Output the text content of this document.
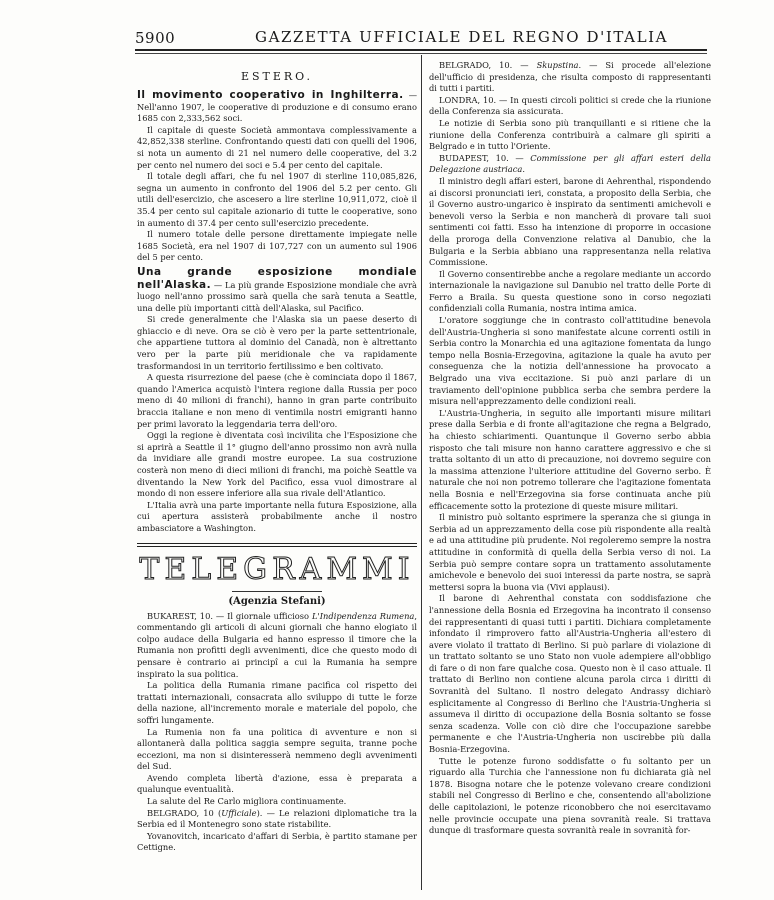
5900	GAZZETTA UFFICIALE DEL REGNO D'ITALIA
ESTERO.

Il movimento cooperativo in Inghilterra. — Nell'anno 1907, le cooperative di produzione e di consumo erano 1685 con 2,333,562 soci.

Il capitale di queste Società ammontava complessivamente a 42,852,338 sterline. Confrontando questi dati con quelli del 1906, si nota un aumento di 21 nel numero delle cooperative, del 3.2 per cento nel numero dei soci e 5.4 per cento del capitale.

Il totale degli affari, che fu nel 1907 di sterline 110,085,826, segna un aumento in confronto del 1906 del 5.2 per cento. Gli utili dell'esercizio, che ascesero a lire sterline 10,911,072, cioè il 35.4 per cento sul capitale azionario di tutte le cooperative, sono in aumento di 37.4 per cento sull'esercizio precedente.

Il numero totale delle persone direttamente impiegate nelle 1685 Società, era nel 1907 di 107,727 con un aumento sul 1906 del 5 per cento.

Una grande esposizione mondiale nell'Alaska. — La più grande Esposizione mondiale che avrà luogo nell'anno prossimo sarà quella che sarà tenuta a Seattle, una delle più importanti città dell'Alaska, sul Pacifico.

Si crede generalmente che l'Alaska sia un paese deserto di ghiaccio e di neve. Ora se ciò è vero per la parte settentrionale, che appartiene tuttora al dominio del Canadà, non è altrettanto vero per la parte più meridionale che va rapidamente trasformandosi in un territorio fertilissimo e ben coltivato.

A questa risurrezione del paese (che è cominciata dopo il 1867, quando l'America acquistò l'intera regione dalla Russia per poco meno di 40 milioni di franchi), hanno in gran parte contribuito braccia italiane e non meno di ventimila nostri emigranti hanno per primi lavorato la leggendaria terra dell'oro.

Oggi la regione è diventata così incivilita che l'Esposizione che si aprirà a Seattle il 1° giugno dell'anno prossimo non avrà nulla da invidiare alle grandi mostre europee. La sua costruzione costerà non meno di dieci milioni di franchi, ma poichè Seattle va diventando la New York del Pacifico, essa vuol dimostrare al mondo di non essere inferiore alla sua rivale dell'Atlantico.

L'Italia avrà una parte importante nella futura Esposizione, alla cui apertura assisterà probabilmente anche il nostro ambasciatore a Washington.

TELEGRAMMI
(Agenzia Stefani)

BUKAREST, 10. — Il giornale ufficioso L'Indipendenza Rumena, commentando gli articoli di alcuni giornali che hanno elogiato il colpo audace della Bulgaria ed hanno espresso il timore che la Rumania non profitti degli avvenimenti, dice che questo modo di pensare è contrario ai principî a cui la Rumania ha sempre inspirato la sua politica.

La politica della Rumania rimane pacifica col rispetto dei trattati internazionali, consacrata allo sviluppo di tutte le forze della nazione, all'incremento morale e materiale del popolo, che soffri lungamente.

La Rumenia non fa una politica di avventure e non si allontanerà dalla politica saggia sempre seguita, tranne poche eccezioni, ma non si disinteresserà nemmeno degli avvenimenti del Sud.

Avendo completa libertà d'azione, essa è preparata a qualunque eventualità.

La salute del Re Carlo migliora continuamente.

BELGRADO, 10 (Ufficiale). — Le relazioni diplomatiche tra la Serbia ed il Montenegro sono state ristabilite.

Yovanovitch, incaricato d'affari di Serbia, è partito stamane per Cettigne.

BELGRADO, 10. — Skupstina. — Si procede all'elezione dell'ufficio di presidenza, che risulta composto di rappresentanti di tutti i partiti.

LONDRA, 10. — In questi circoli politici si crede che la riunione della Conferenza sia assicurata.

Le notizie di Serbia sono più tranquillanti e si ritiene che la riunione della Conferenza contribuirà a calmare gli spiriti a Belgrado e in tutto l'Oriente.

BUDAPEST, 10. — Commissione per gli affari esteri della Delegazione austriaca.

Il ministro degli affari esteri, barone di Aehrenthal, rispondendo ai discorsi pronunciati ieri, constata, a proposito della Serbia, che il Governo austro-ungarico è inspirato da sentimenti amichevoli e benevoli verso la Serbia e non mancherà di provare tali suoi sentimenti coi fatti. Esso ha intenzione di proporre in occasione della proroga della Convenzione relativa al Danubio, che la Bulgaria e la Serbia abbiano una rappresentanza nella relativa Commissione.

Il Governo consentirebbe anche a regolare mediante un accordo internazionale la navigazione sul Danubio nel tratto delle Porte di Ferro a Braila. Su questa questione sono in corso negoziati confidenziali colla Rumania, nostra intima amica.

L'oratore soggiunge che in contrasto coll'attitudine benevola dell'Austria-Ungheria si sono manifestate alcune correnti ostili in Serbia contro la Monarchia ed una agitazione fomentata da lungo tempo nella Bosnia-Erzegovina, agitazione la quale ha avuto per conseguenza che la notizia dell'annessione ha provocato a Belgrado una viva eccitazione. Si può anzi parlare di un traviamento dell'opinione pubblica serba che sembra perdere la misura nell'apprezzamento delle condizioni reali.

L'Austria-Ungheria, in seguito alle importanti misure militari prese dalla Serbia e di fronte all'agitazione che regna a Belgrado, ha chiesto schiarimenti. Quantunque il Governo serbo abbia risposto che tali misure non hanno carattere aggressivo e che si tratta soltanto di un atto di precauzione, noi dovremo seguire con la massima attenzione l'ulteriore attitudine del Governo serbo. È naturale che noi non potremo tollerare che l'agitazione fomentata nella Bosnia e nell'Erzegovina sia forse continuata anche più efficacemente sotto la protezione di queste misure militari.

Il ministro può soltanto esprimere la speranza che si giunga in Serbia ad un apprezzamento della cose più rispondente alla realtà e ad una attitudine più prudente. Noi regoleremo sempre la nostra attitudine in conformità di quella della Serbia verso di noi. La Serbia può sempre contare sopra un trattamento assolutamente amichevole e benevolo dei suoi interessi da parte nostra, se saprà mettersi sopra la buona via (Vivi applausi).

Il barone di Aehrenthal constata con soddisfazione che l'annessione della Bosnia ed Erzegovina ha incontrato il consenso dei rappresentanti di quasi tutti i partiti. Dichiara completamente infondato il rimprovero fatto all'Austria-Ungheria all'estero di avere violato il trattato di Berlino. Si può parlare di violazione di un trattato soltanto se uno Stato non vuole adempiere all'obbligo di fare o di non fare qualche cosa. Questo non è il caso attuale. Il trattato di Berlino non contiene alcuna parola circa i diritti di Sovranità del Sultano. Il nostro delegato Andrassy dichiarò esplicitamente al Congresso di Berlino che l'Austria-Ungheria si assumeva il diritto di occupazione della Bosnia soltanto se fosse senza scadenza. Volle con ciò dire che l'occupazione sarebbe permanente e che l'Austria-Ungheria non uscirebbe più dalla Bosnia-Erzegovina.

Tutte le potenze furono soddisfatte o fu soltanto per un riguardo alla Turchia che l'annessione non fu dichiarata già nel 1878. Bisogna notare che le potenze volevano creare condizioni stabili nel Congresso di Berlino e che, consentendo all'abolizione delle capitolazioni, le potenze riconobbero che noi esercitavamo nelle provincie occupate una piena sovranità reale. Si trattava dunque di trasformare questa sovranità reale in sovranità for-
